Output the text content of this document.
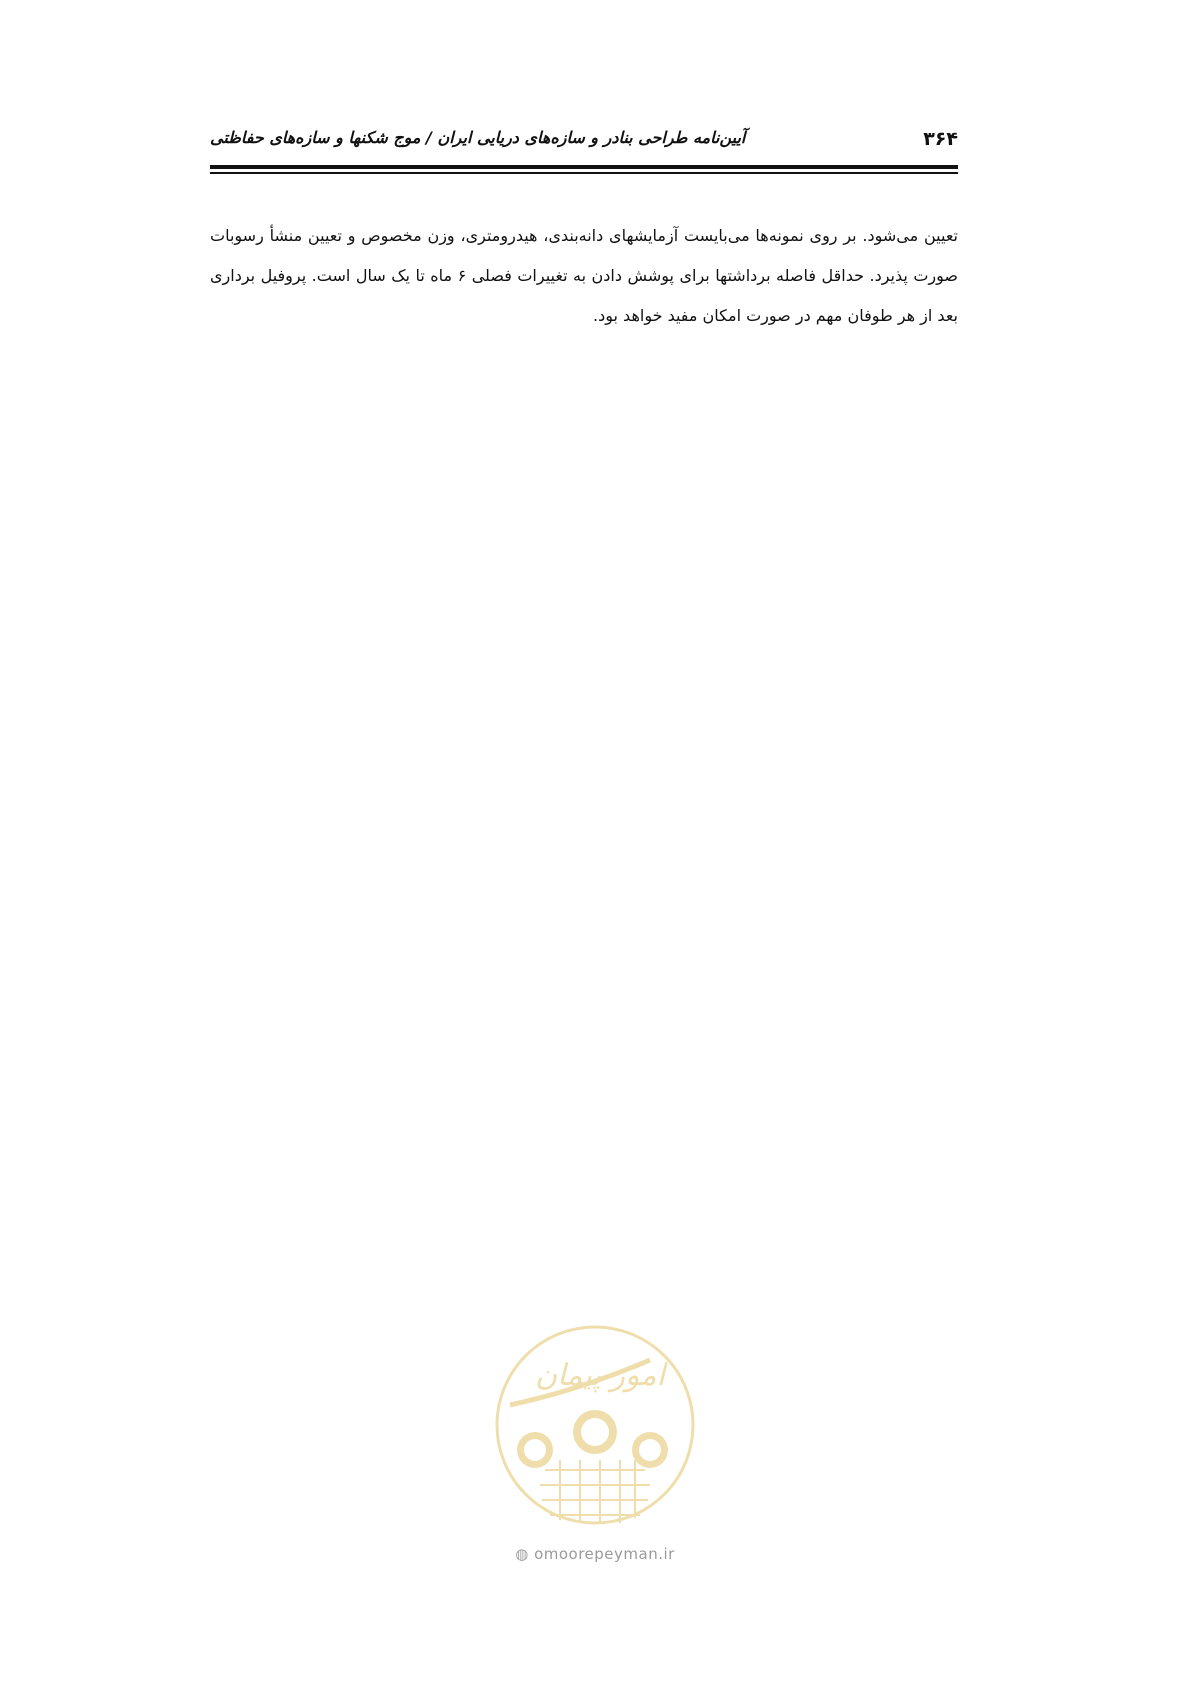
۳۶۴
آیین‌نامه طراحی بنادر و سازه‌های دریایی ایران / موج شکنها و سازه‌های حفاظتی
تعیین می‌شود. بر روی نمونه‌ها می‌بایست آزمایشهای دانه‌بندی، هیدرومتری، وزن مخصوص و تعیین منشأ رسوبات صورت پذیرد. حداقل فاصله برداشتها برای پوشش دادن به تغییرات فصلی ۶ ماه تا یک سال است. پروفیل برداری بعد از هر طوفان مهم در صورت امکان مفید خواهد بود.
امور پیمان
◍ omoorepeyman.ir
